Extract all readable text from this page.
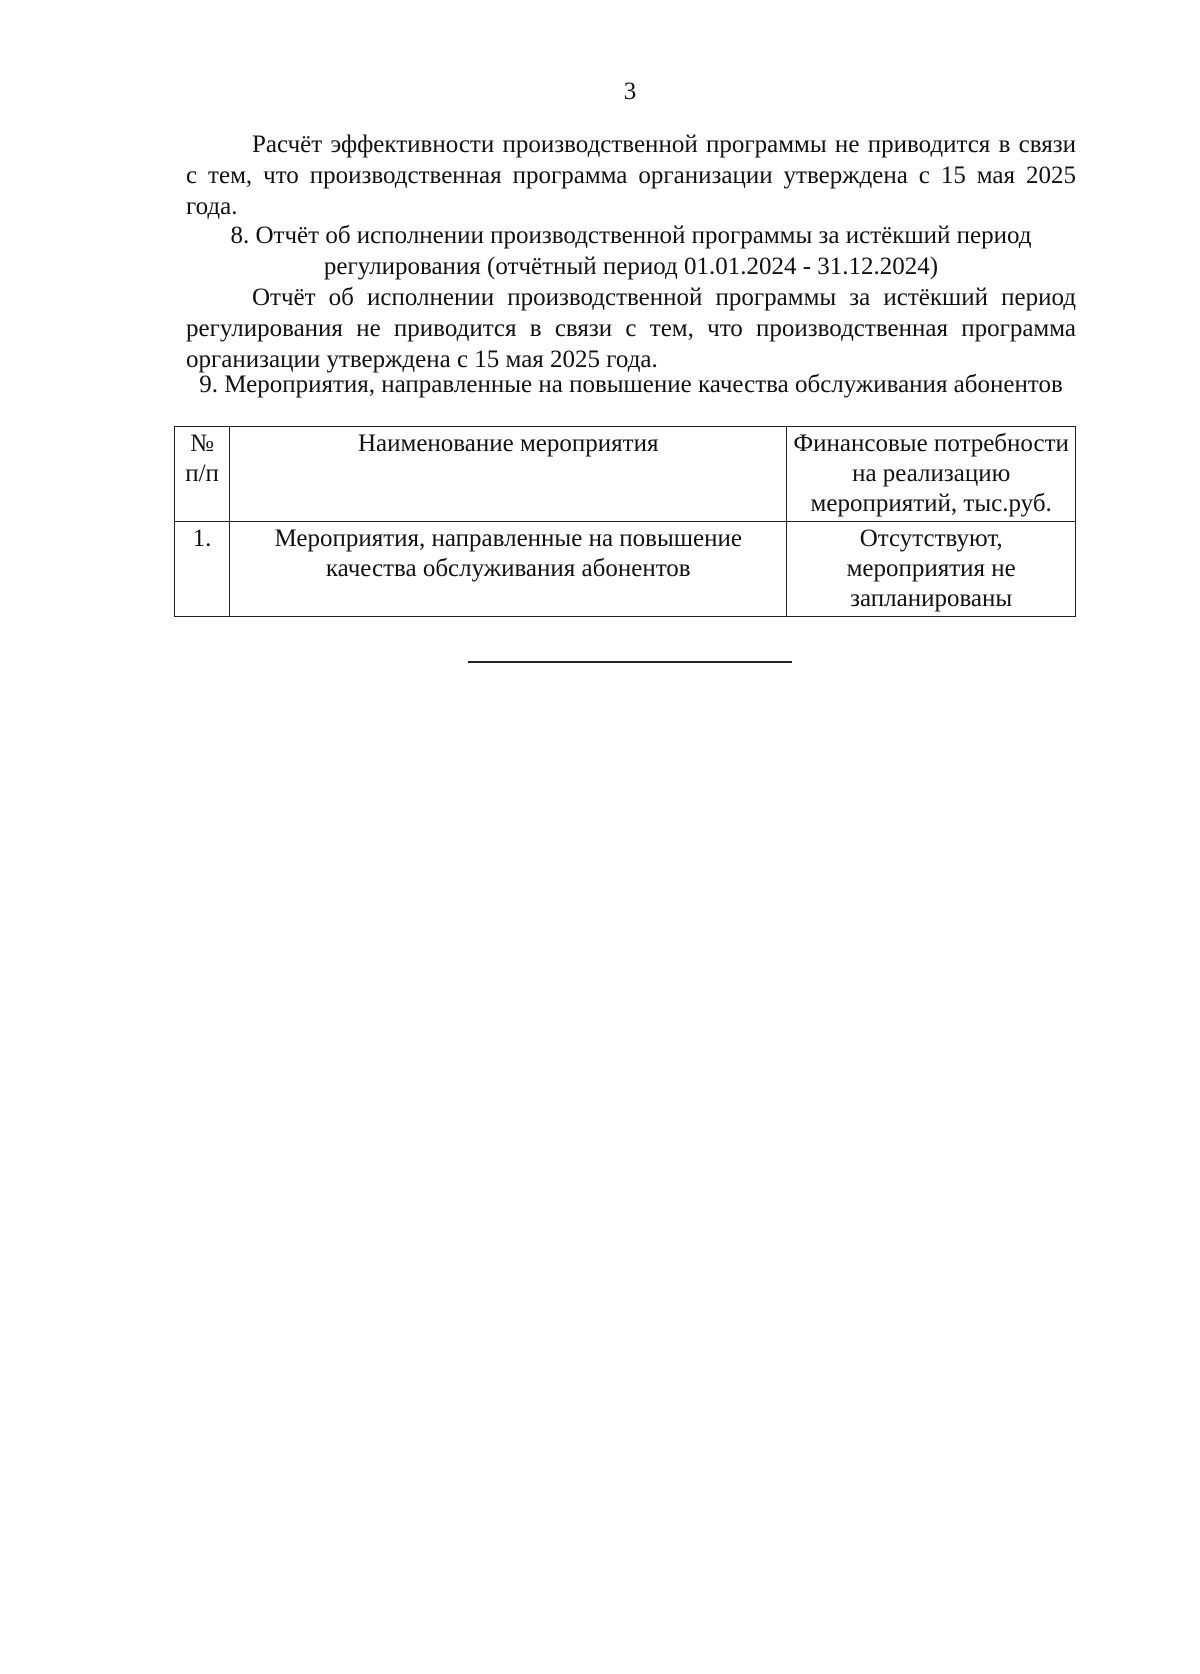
3
Расчёт эффективности производственной программы не приводится в связи с тем, что производственная программа организации утверждена с 15 мая 2025 года.
8. Отчёт об исполнении производственной программы за истёкший период регулирования (отчётный период 01.01.2024 - 31.12.2024)
Отчёт об исполнении производственной программы за истёкший период регулирования не приводится в связи с тем, что производственная программа организации утверждена с 15 мая 2025 года.
9. Мероприятия, направленные на повышение качества обслуживания абонентов
№ п/п	Наименование мероприятия	Финансовые потребности на реализацию мероприятий, тыс.руб.
1.	Мероприятия, направленные на повышение качества обслуживания абонентов	Отсутствуют, мероприятия не запланированы
